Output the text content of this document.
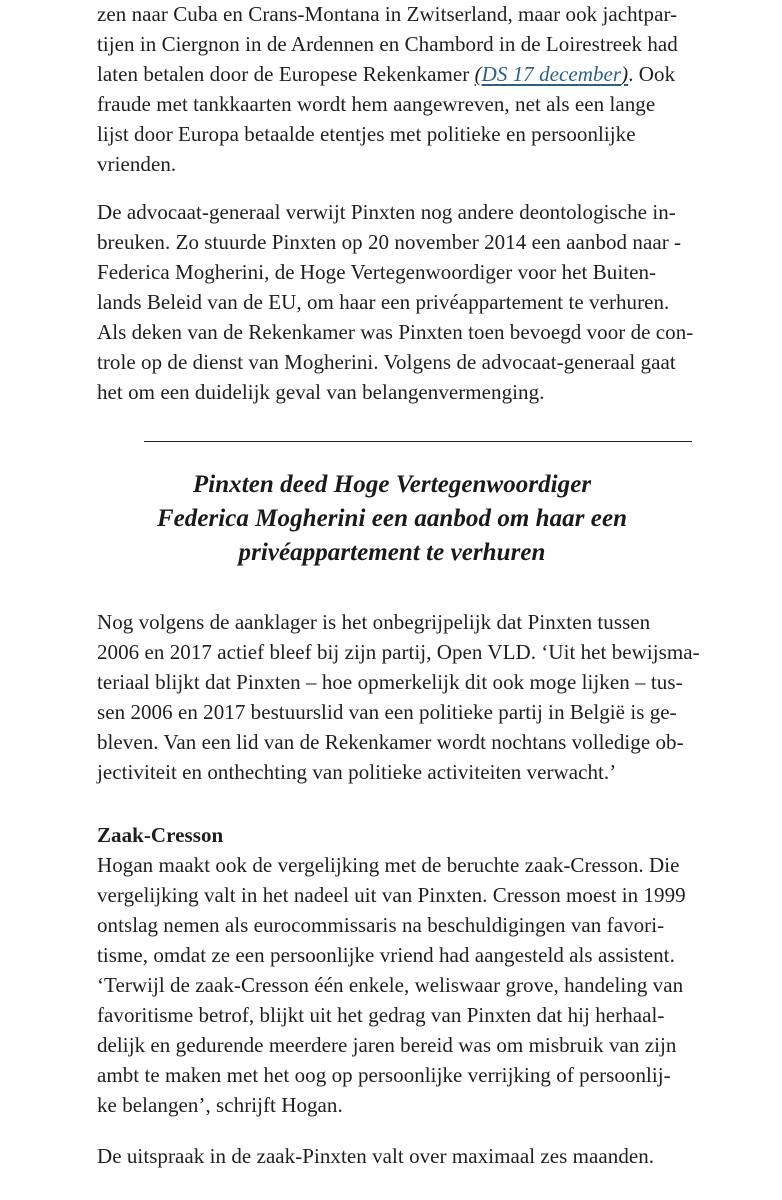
zen naar Cuba en Crans-Montana in Zwitserland, maar ook jachtpar-
tijen in Ciergnon in de Ardennen en Chambord in de Loirestreek had
laten betalen door de Europese Rekenkamer (DS 17 december). Ook
fraude met tankkaarten wordt hem aangewreven, net als een lange
lijst door Europa betaalde etentjes met politieke en persoonlijke
vrienden.
De advocaat-generaal verwijt Pinxten nog andere deontologische in-
breuken. Zo stuurde Pinxten op 20 november 2014 een aanbod naar -
Federica Mogherini, de Hoge Vertegenwoordiger voor het Buiten-
lands Beleid van de EU, om haar een privéappartement te verhuren.
Als deken van de Rekenkamer was Pinxten toen bevoegd voor de con-
trole op de dienst van Mogherini. Volgens de advocaat-generaal gaat
het om een duidelijk geval van belangenvermenging.
Nog volgens de aanklager is het onbegrijpelijk dat Pinxten tussen
2006 en 2017 actief bleef bij zijn partij, Open VLD. ‘Uit het bewijsma-
teriaal blijkt dat Pinxten – hoe opmerkelijk dit ook moge lijken – tus-
sen 2006 en 2017 bestuurslid van een politieke partij in België is ge-
bleven. Van een lid van de Rekenkamer wordt nochtans volledige ob-
jectiviteit en onthechting van politieke activiteiten verwacht.’
Zaak-Cresson
Hogan maakt ook de vergelijking met de beruchte zaak-Cresson. Die
vergelijking valt in het nadeel uit van Pinxten. Cresson moest in 1999
ontslag nemen als eurocommissaris na beschuldigingen van favori-
tisme, omdat ze een persoonlijke vriend had aangesteld als assistent.
‘Terwijl de zaak-Cresson één enkele, weliswaar grove, handeling van
favoritisme betrof, blijkt uit het gedrag van Pinxten dat hij herhaal-
delijk en gedurende meerdere jaren bereid was om misbruik van zijn
ambt te maken met het oog op persoonlijke verrijking of persoonlij-
ke belangen’, schrijft Hogan.
De uitspraak in de zaak-Pinxten valt over maximaal zes maanden.
Pinxten deed Hoge Vertegenwoordiger
Federica Mogherini een aanbod om haar een
privéappartement te verhuren
